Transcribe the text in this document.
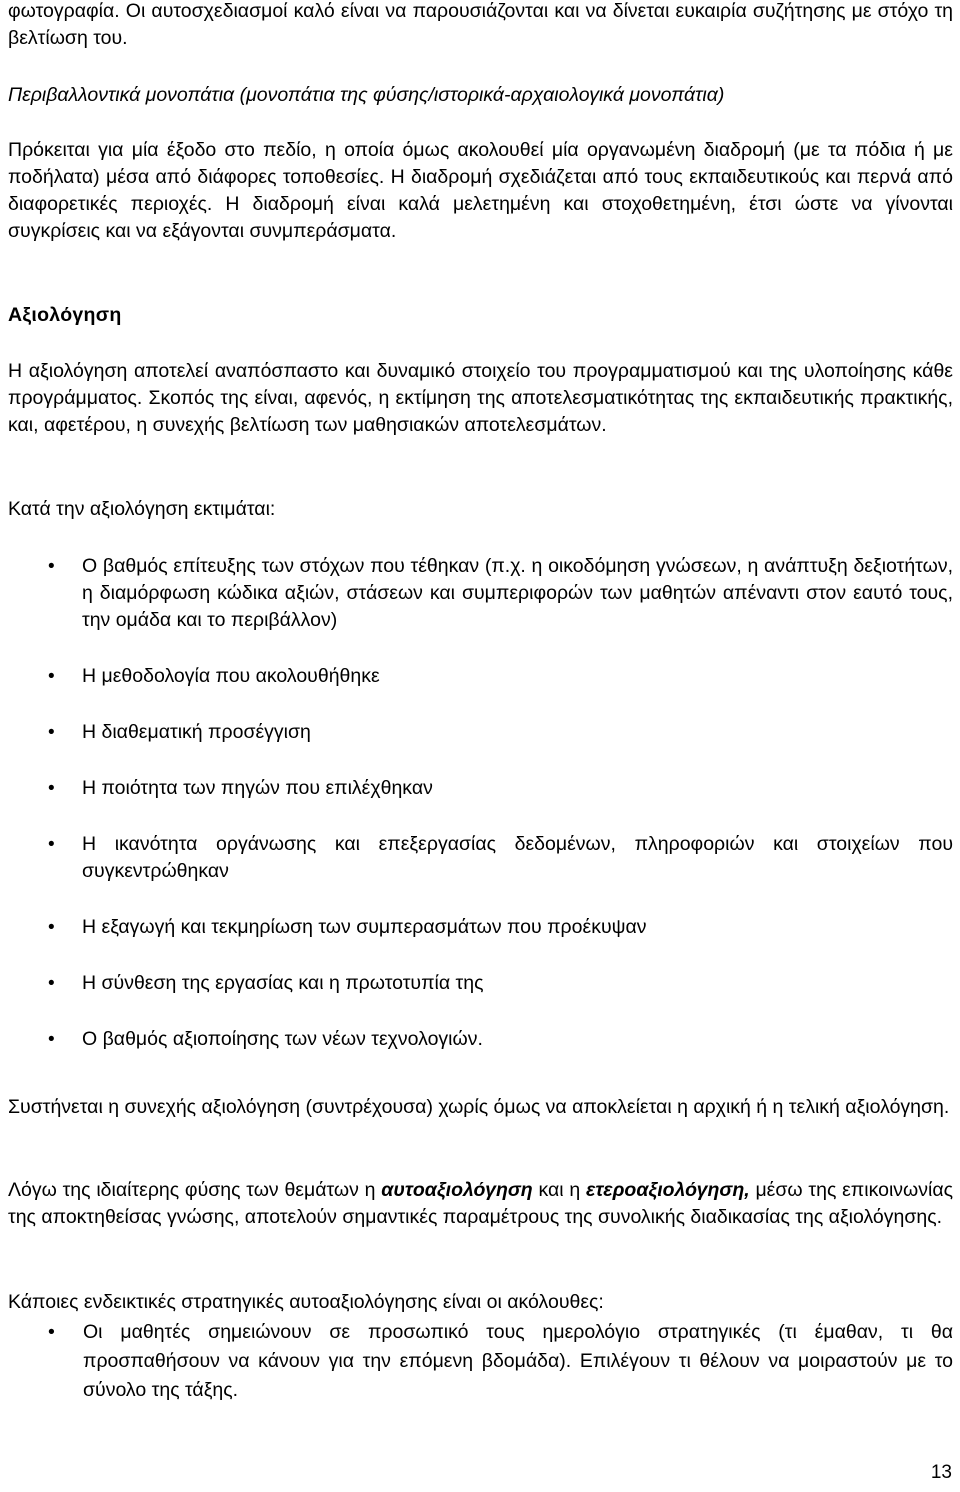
φωτογραφία. Οι αυτοσχεδιασμοί καλό είναι να παρουσιάζονται και να δίνεται ευκαιρία συζήτησης με στόχο τη βελτίωση του.

Περιβαλλοντικά μονοπάτια (μονοπάτια της φύσης/ιστορικά-αρχαιολογικά μονοπάτια)

Πρόκειται για μία έξοδο στο πεδίο, η οποία όμως ακολουθεί μία οργανωμένη διαδρομή (με τα πόδια ή με ποδήλατα) μέσα από διάφορες τοποθεσίες. Η διαδρομή σχεδιάζεται από τους εκπαιδευτικούς και περνά από διαφορετικές περιοχές. Η διαδρομή είναι καλά μελετημένη και στοχοθετημένη, έτσι ώστε να γίνονται συγκρίσεις και να εξάγονται συνμπεράσματα.

Αξιολόγηση

Η αξιολόγηση αποτελεί αναπόσπαστο και δυναμικό στοιχείο του προγραμματισμού και της υλοποίησης κάθε προγράμματος. Σκοπός της είναι, αφενός, η εκτίμηση της αποτελεσματικότητας της εκπαιδευτικής πρακτικής, και, αφετέρου, η συνεχής βελτίωση των μαθησιακών αποτελεσμάτων.

Κατά την αξιολόγηση εκτιμάται:

• Ο βαθμός επίτευξης των στόχων που τέθηκαν (π.χ. η οικοδόμηση γνώσεων, η ανάπτυξη δεξιοτήτων, η διαμόρφωση κώδικα αξιών, στάσεων και συμπεριφορών των μαθητών απέναντι στον εαυτό τους, την ομάδα και το περιβάλλον)
• Η μεθοδολογία που ακολουθήθηκε
• Η διαθεματική προσέγγιση
• Η ποιότητα των πηγών που επιλέχθηκαν
• Η ικανότητα οργάνωσης και επεξεργασίας δεδομένων, πληροφοριών και στοιχείων που συγκεντρώθηκαν
• Η εξαγωγή και τεκμηρίωση των συμπερασμάτων που προέκυψαν
• Η σύνθεση της εργασίας και η πρωτοτυπία της
• Ο βαθμός αξιοποίησης των νέων τεχνολογιών.

Συστήνεται η συνεχής αξιολόγηση (συντρέχουσα) χωρίς όμως να αποκλείεται η αρχική ή η τελική αξιολόγηση.

Λόγω της ιδιαίτερης φύσης των θεμάτων η αυτοαξιολόγηση και η ετεροαξιολόγηση, μέσω της επικοινωνίας της αποκτηθείσας γνώσης, αποτελούν σημαντικές παραμέτρους της συνολικής διαδικασίας της αξιολόγησης.

Κάποιες ενδεικτικές στρατηγικές αυτοαξιολόγησης είναι οι ακόλουθες:

• Οι μαθητές σημειώνουν σε προσωπικό τους ημερολόγιο στρατηγικές (τι έμαθαν, τι θα προσπαθήσουν να κάνουν για την επόμενη βδομάδα). Επιλέγουν τι θέλουν να μοιραστούν με το σύνολο της τάξης.
13
